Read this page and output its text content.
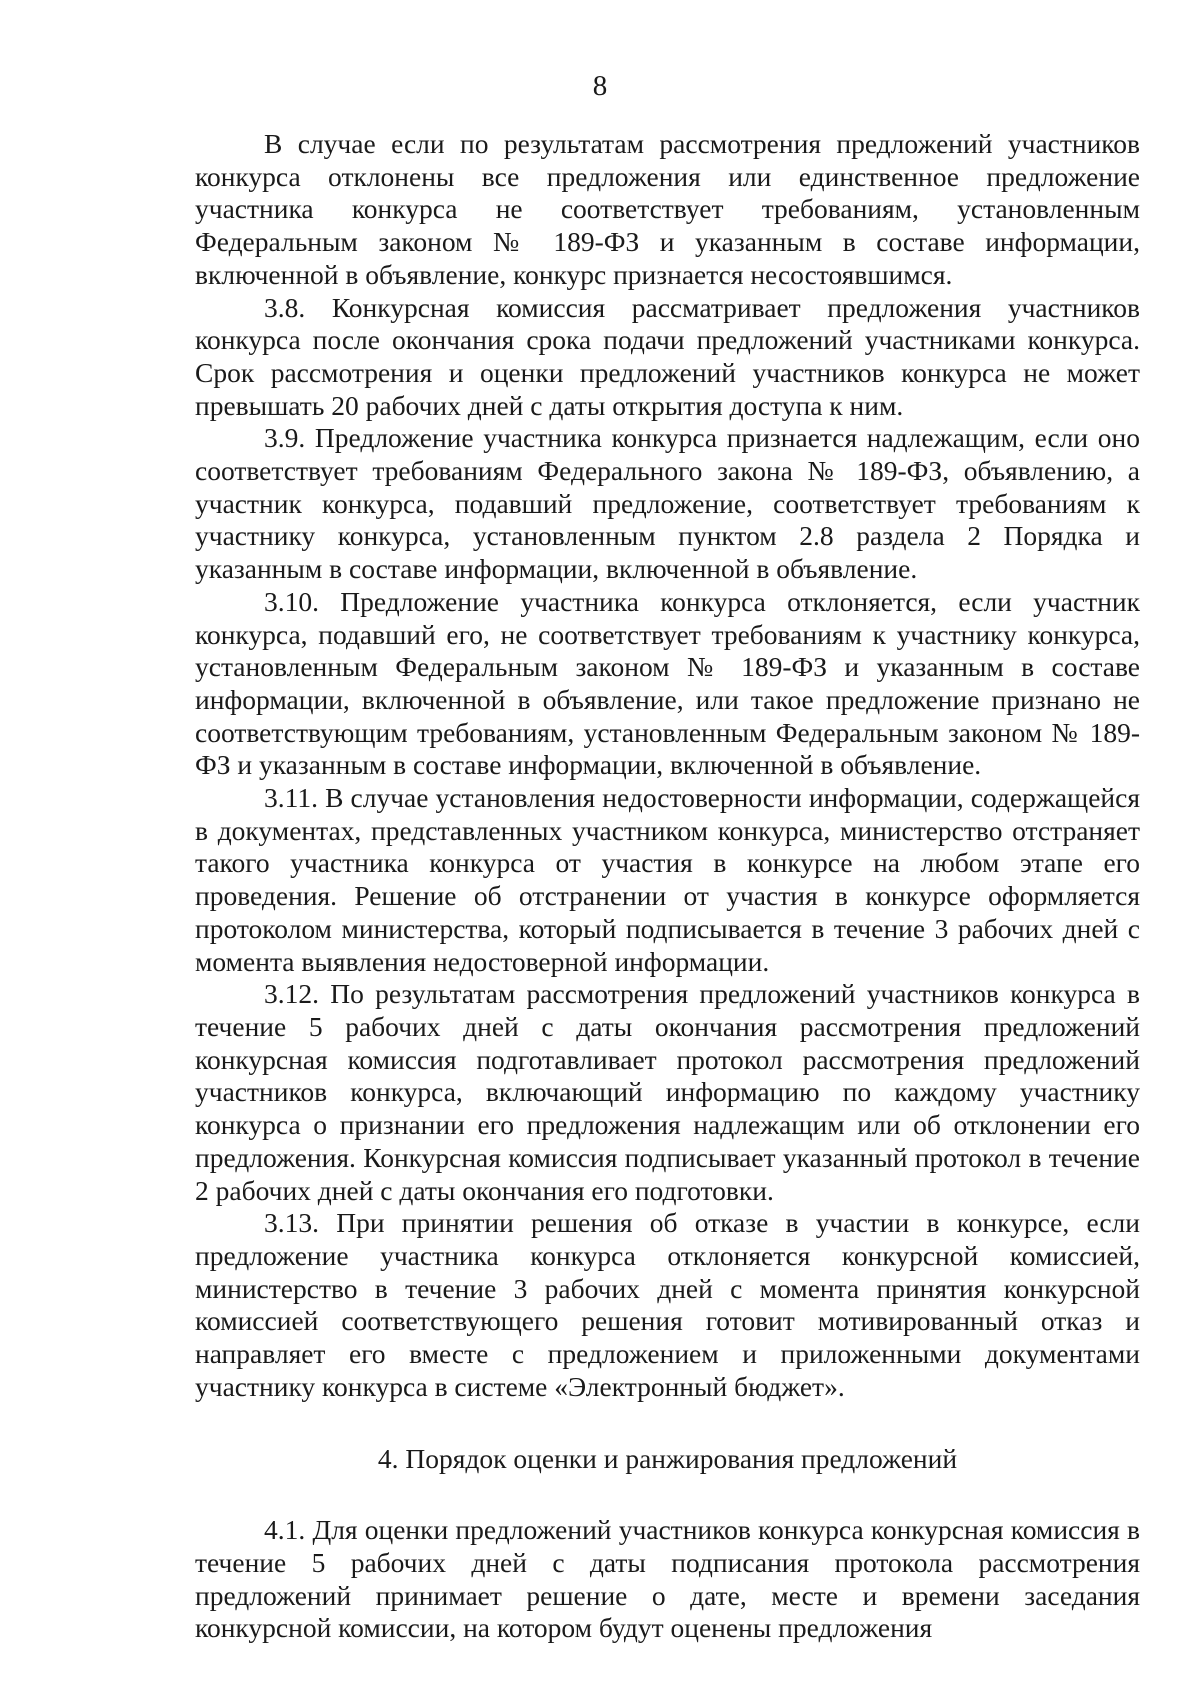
8

В случае если по результатам рассмотрения предложений участников конкурса отклонены все предложения или единственное предложение участника конкурса не соответствует требованиям, установленным Федеральным законом № 189-ФЗ и указанным в составе информации, включенной в объявление, конкурс признается несостоявшимся.

3.8. Конкурсная комиссия рассматривает предложения участников конкурса после окончания срока подачи предложений участниками конкурса. Срок рассмотрения и оценки предложений участников конкурса не может превышать 20 рабочих дней с даты открытия доступа к ним.

3.9. Предложение участника конкурса признается надлежащим, если оно соответствует требованиям Федерального закона № 189-ФЗ, объявлению, а участник конкурса, подавший предложение, соответствует требованиям к участнику конкурса, установленным пунктом 2.8 раздела 2 Порядка и указанным в составе информации, включенной в объявление.

3.10. Предложение участника конкурса отклоняется, если участник конкурса, подавший его, не соответствует требованиям к участнику конкурса, установленным Федеральным законом № 189-ФЗ и указанным в составе информации, включенной в объявление, или такое предложение признано не соответствующим требованиям, установленным Федеральным законом № 189-ФЗ и указанным в составе информации, включенной в объявление.

3.11. В случае установления недостоверности информации, содержащейся в документах, представленных участником конкурса, министерство отстраняет такого участника конкурса от участия в конкурсе на любом этапе его проведения. Решение об отстранении от участия в конкурсе оформляется протоколом министерства, который подписывается в течение 3 рабочих дней с момента выявления недостоверной информации.

3.12. По результатам рассмотрения предложений участников конкурса в течение 5 рабочих дней с даты окончания рассмотрения предложений конкурсная комиссия подготавливает протокол рассмотрения предложений участников конкурса, включающий информацию по каждому участнику конкурса о признании его предложения надлежащим или об отклонении его предложения. Конкурсная комиссия подписывает указанный протокол в течение 2 рабочих дней с даты окончания его подготовки.

3.13. При принятии решения об отказе в участии в конкурсе, если предложение участника конкурса отклоняется конкурсной комиссией, министерство в течение 3 рабочих дней с момента принятия конкурсной комиссией соответствующего решения готовит мотивированный отказ и направляет его вместе с предложением и приложенными документами участнику конкурса в системе «Электронный бюджет».

4. Порядок оценки и ранжирования предложений

4.1. Для оценки предложений участников конкурса конкурсная комиссия в течение 5 рабочих дней с даты подписания протокола рассмотрения предложений принимает решение о дате, месте и времени заседания конкурсной комиссии, на котором будут оценены предложения
